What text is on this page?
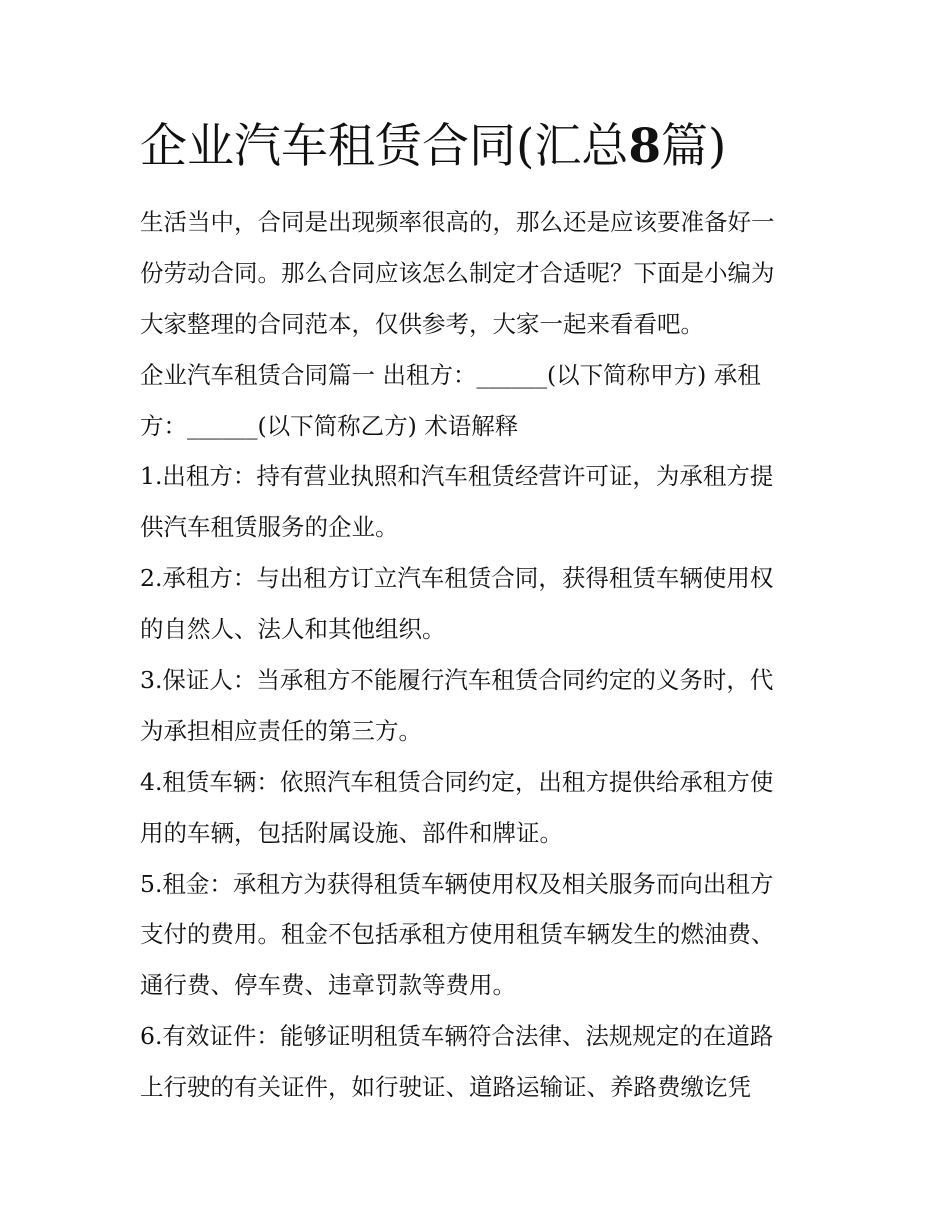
企业汽车租赁合同(汇总8篇)
生活当中，合同是出现频率很高的，那么还是应该要准备好一
份劳动合同。那么合同应该怎么制定才合适呢？下面是小编为
大家整理的合同范本，仅供参考，大家一起来看看吧。
企业汽车租赁合同篇一 出租方：______(以下简称甲方) 承租
方：______(以下简称乙方) 术语解释
1.出租方：持有营业执照和汽车租赁经营许可证，为承租方提
供汽车租赁服务的企业。
2.承租方：与出租方订立汽车租赁合同，获得租赁车辆使用权
的自然人、法人和其他组织。
3.保证人：当承租方不能履行汽车租赁合同约定的义务时，代
为承担相应责任的第三方。
4.租赁车辆：依照汽车租赁合同约定，出租方提供给承租方使
用的车辆，包括附属设施、部件和牌证。
5.租金：承租方为获得租赁车辆使用权及相关服务而向出租方
支付的费用。租金不包括承租方使用租赁车辆发生的燃油费、
通行费、停车费、违章罚款等费用。
6.有效证件：能够证明租赁车辆符合法律、法规规定的在道路
上行驶的有关证件，如行驶证、道路运输证、养路费缴讫凭
